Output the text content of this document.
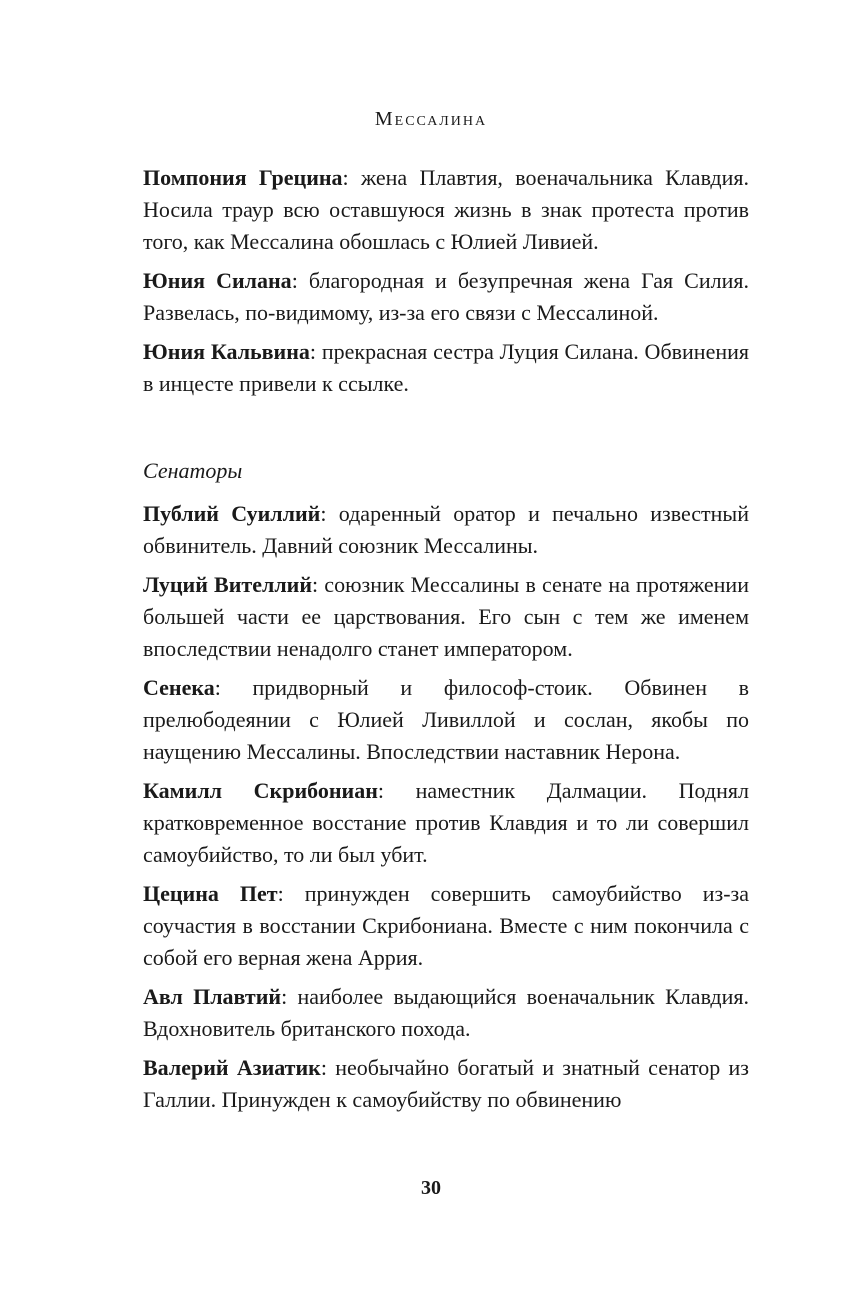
Мессалина

Помпония Грецина: жена Плавтия, военачальника Клавдия. Носила траур всю оставшуюся жизнь в знак протеста против того, как Мессалина обошлась с Юлией Ливией.

Юния Силана: благородная и безупречная жена Гая Силия. Развелась, по-видимому, из-за его связи с Мессалиной.

Юния Кальвина: прекрасная сестра Луция Силана. Обвинения в инцесте привели к ссылке.

Сенаторы

Публий Суиллий: одаренный оратор и печально известный обвинитель. Давний союзник Мессалины.

Луций Вителлий: союзник Мессалины в сенате на протяжении большей части ее царствования. Его сын с тем же именем впоследствии ненадолго станет императором.

Сенека: придворный и философ-стоик. Обвинен в прелюбодеянии с Юлией Ливиллой и сослан, якобы по наущению Мессалины. Впоследствии наставник Нерона.

Камилл Скрибониан: наместник Далмации. Поднял кратковременное восстание против Клавдия и то ли совершил самоубийство, то ли был убит.

Цецина Пет: принужден совершить самоубийство из-за соучастия в восстании Скрибониана. Вместе с ним покончила с собой его верная жена Аррия.

Авл Плавтий: наиболее выдающийся военачальник Клавдия. Вдохновитель британского похода.

Валерий Азиатик: необычайно богатый и знатный сенатор из Галлии. Принужден к самоубийству по обвинению

30
